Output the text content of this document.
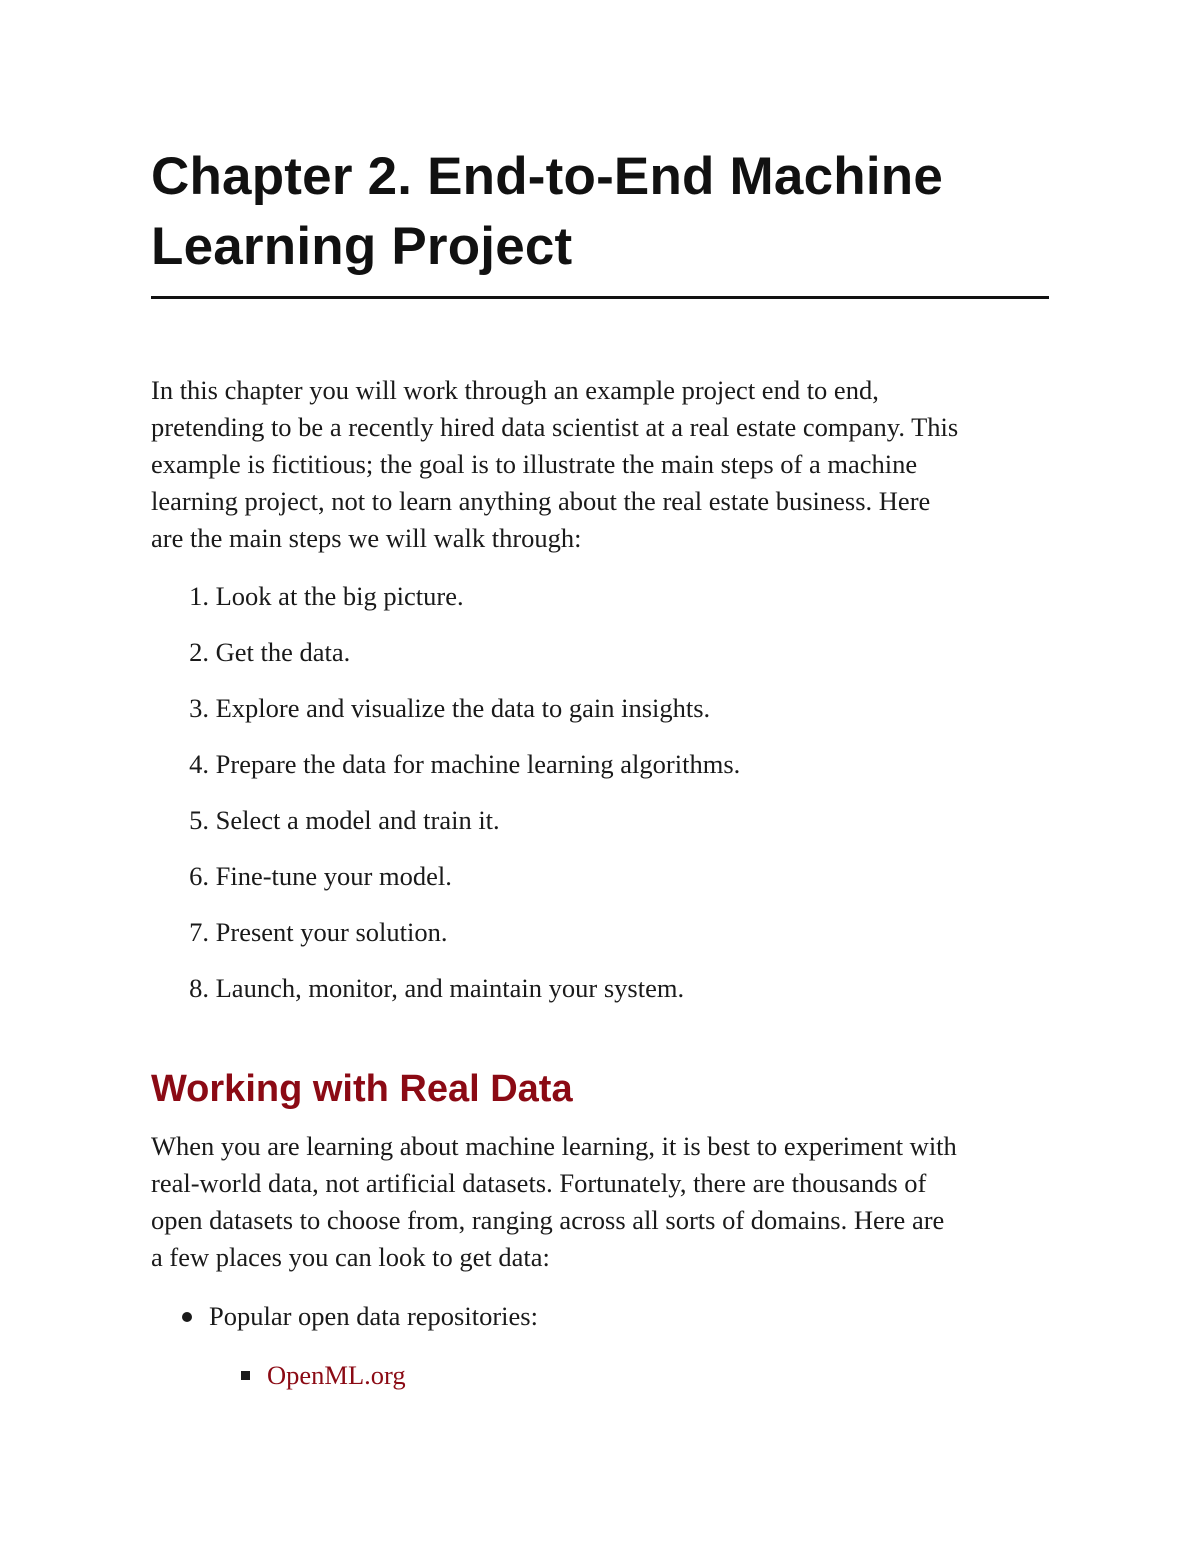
Chapter 2. End-to-End Machine
Learning Project

In this chapter you will work through an example project end to end,
pretending to be a recently hired data scientist at a real estate company. This
example is fictitious; the goal is to illustrate the main steps of a machine
learning project, not to learn anything about the real estate business. Here
are the main steps we will walk through:

1. Look at the big picture.
2. Get the data.
3. Explore and visualize the data to gain insights.
4. Prepare the data for machine learning algorithms.
5. Select a model and train it.
6. Fine-tune your model.
7. Present your solution.
8. Launch, monitor, and maintain your system.
Working with Real Data

When you are learning about machine learning, it is best to experiment with
real-world data, not artificial datasets. Fortunately, there are thousands of
open datasets to choose from, ranging across all sorts of domains. Here are
a few places you can look to get data:

Popular open data repositories:
OpenML.org
